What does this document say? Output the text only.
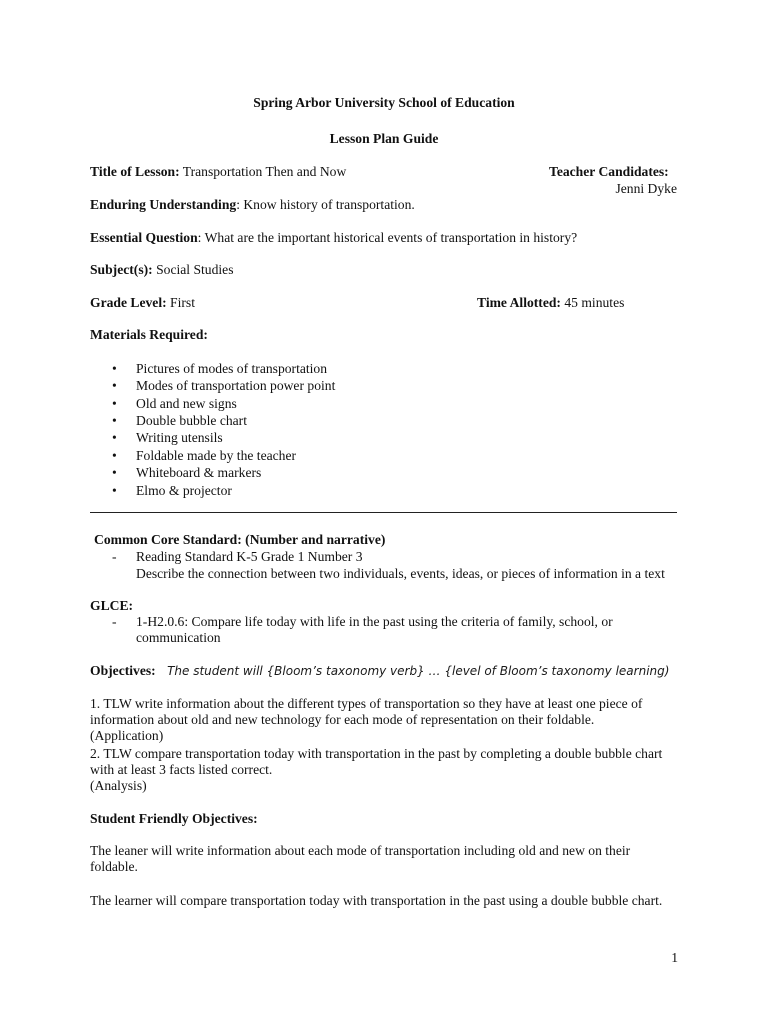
Spring Arbor University School of Education
Lesson Plan Guide
Title of Lesson: Transportation Then and Now	Teacher Candidates:
Jenni Dyke
Enduring Understanding: Know history of transportation.
Essential Question: What are the important historical events of transportation in history?
Subject(s): Social Studies
Grade Level: First	Time Allotted: 45 minutes
Materials Required:
• Pictures of modes of transportation
• Modes of transportation power point
• Old and new signs
• Double bubble chart
• Writing utensils
• Foldable made by the teacher
• Whiteboard & markers
• Elmo & projector
Common Core Standard: (Number and narrative)
- Reading Standard K-5 Grade 1 Number 3
Describe the connection between two individuals, events, ideas, or pieces of information in a text
GLCE:
- 1-H2.0.6: Compare life today with life in the past using the criteria of family, school, or
communication
Objectives: The student will {Bloom’s taxonomy verb} … {level of Bloom’s taxonomy learning)
1. TLW write information about the different types of transportation so they have at least one piece of
information about old and new technology for each mode of representation on their foldable.
(Application)
2. TLW compare transportation today with transportation in the past by completing a double bubble chart
with at least 3 facts listed correct.
(Analysis)
Student Friendly Objectives:
The leaner will write information about each mode of transportation including old and new on their
foldable.
The learner will compare transportation today with transportation in the past using a double bubble chart.
1
